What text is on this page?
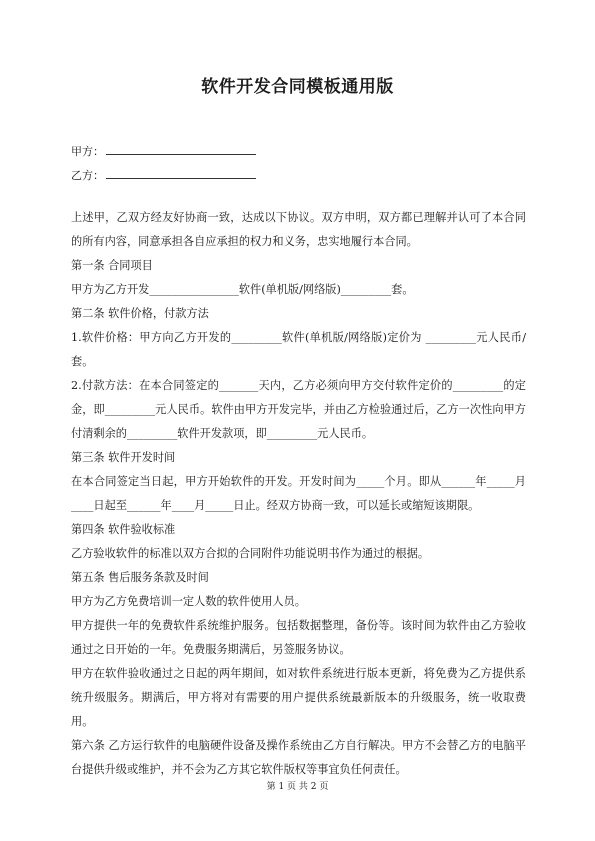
软件开发合同模板通用版
甲方：
乙方：

上述甲，乙双方经友好协商一致，达成以下协议。双方申明，双方都已理解并认可了本合同的所有内容，同意承担各自应承担的权力和义务，忠实地履行本合同。

第一条 合同项目

甲方为乙方开发________________软件(单机版/网络版)_________套。

第二条 软件价格，付款方法

1.软件价格：甲方向乙方开发的_________软件(单机版/网络版)定价为 _________元人民币/套。

2.付款方法：在本合同签定的_______天内，乙方必须向甲方交付软件定价的_________的定金，即_________元人民币。软件由甲方开发完毕，并由乙方检验通过后，乙方一次性向甲方付清剩余的_________软件开发款项，即_________元人民币。

第三条 软件开发时间

在本合同签定当日起，甲方开始软件的开发。开发时间为_____个月。即从______年_____月____日起至______年____月_____日止。经双方协商一致，可以延长或缩短该期限。

第四条 软件验收标准

乙方验收软件的标准以双方合拟的合同附件功能说明书作为通过的根据。

第五条 售后服务条款及时间

甲方为乙方免费培训一定人数的软件使用人员。

甲方提供一年的免费软件系统维护服务。包括数据整理，备份等。该时间为软件由乙方验收通过之日开始的一年。免费服务期满后，另签服务协议。

甲方在软件验收通过之日起的两年期间，如对软件系统进行版本更新，将免费为乙方提供系统升级服务。期满后，甲方将对有需要的用户提供系统最新版本的升级服务，统一收取费用。

第六条 乙方运行软件的电脑硬件设备及操作系统由乙方自行解决。甲方不会替乙方的电脑平台提供升级或维护，并不会为乙方其它软件版权等事宜负任何责任。

第 1 页 共 2 页
